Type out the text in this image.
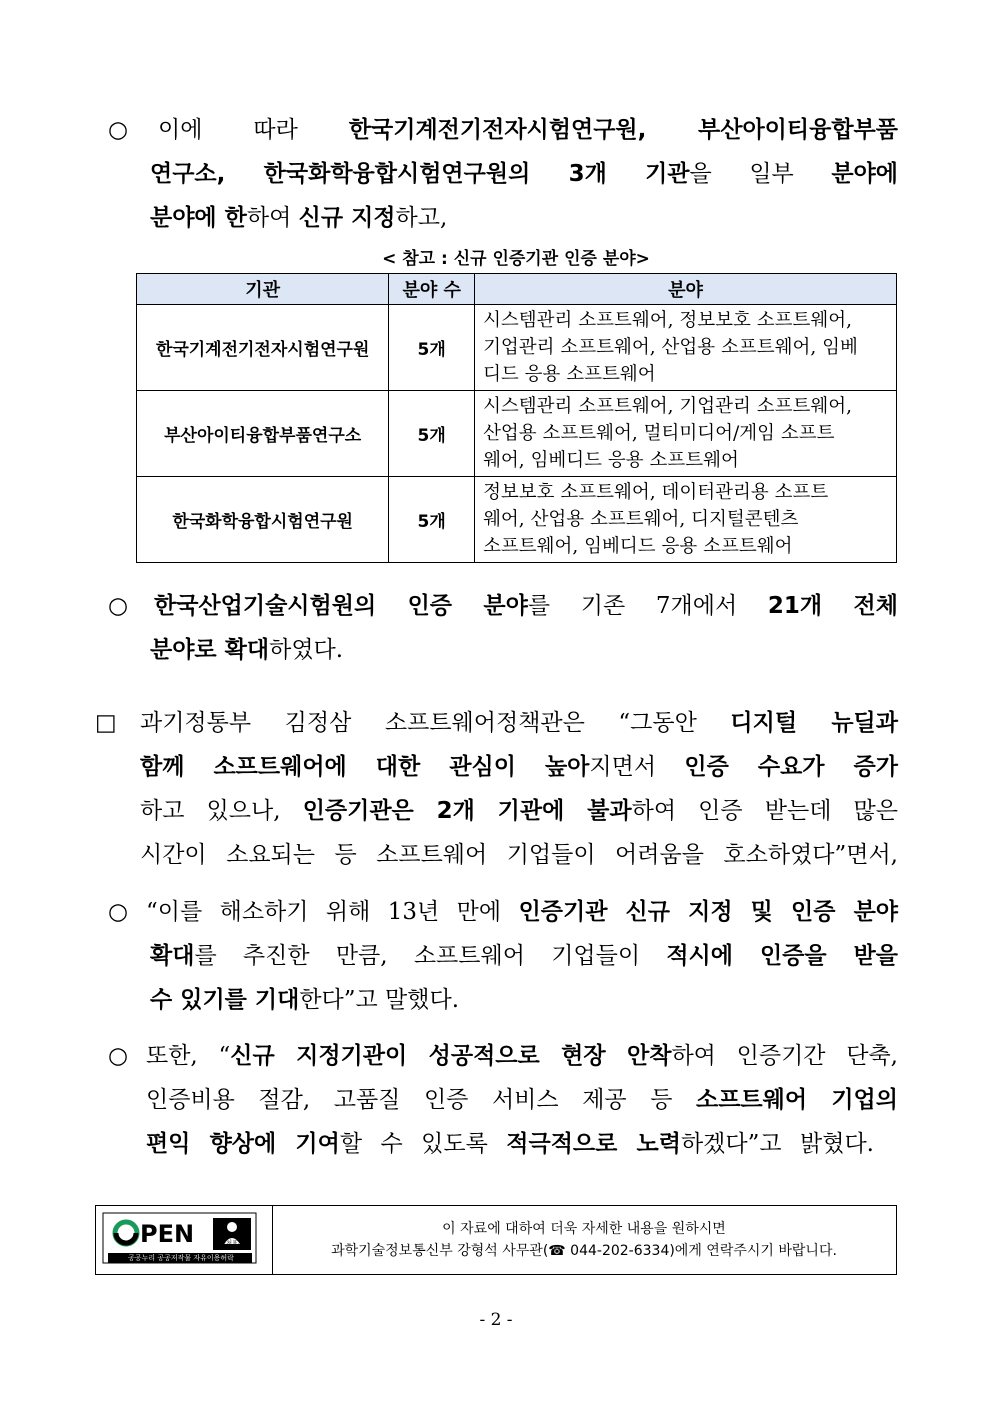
○	이에 따라 한국기계전기전자시험연구원, 부산아이티융합부품
연구소, 한국화학융합시험연구원의 3개 기관을 일부 분야에
분야에 한하여 신규 지정하고,
< 참고 : 신규 인증기관 인증 분야>
기관	분야 수	분야
한국기계전기전자시험연구원	5개	시스템관리 소프트웨어, 정보보호 소프트웨어,
기업관리 소프트웨어, 산업용 소프트웨어, 임베
디드 응용 소프트웨어

부산아이티융합부품연구소	5개	시스템관리 소프트웨어, 기업관리 소프트웨어,
산업용 소프트웨어, 멀티미디어/게임 소프트
웨어, 임베디드 응용 소프트웨어

한국화학융합시험연구원	5개	정보보호 소프트웨어, 데이터관리용 소프트
웨어, 산업용 소프트웨어, 디지털콘텐츠
소프트웨어, 임베디드 응용 소프트웨어
○	한국산업기술시험원의 인증 분야를 기존 7개에서 21개 전체
분야로 확대하였다.
□	과기정통부 김정삼 소프트웨어정책관은 “그동안 디지털 뉴딜과
함께 소프트웨어에 대한 관심이 높아지면서 인증 수요가 증가
하고 있으나, 인증기관은 2개 기관에 불과하여 인증 받는데 많은
시간이 소요되는 등 소프트웨어 기업들이 어려움을 호소하였다”면서,
○ “이를 해소하기 위해 13년 만에 인증기관 신규 지정 및 인증 분야
확대를 추진한 만큼, 소프트웨어 기업들이 적시에 인증을 받을
수 있기를 기대한다”고 말했다.
○ 또한, “신규 지정기관이 성공적으로 현장 안착하여 인증기간 단축,
인증비용 절감, 고품질 인증 서비스 제공 등 소프트웨어 기업의
편익 향상에 기여할 수 있도록 적극적으로 노력하겠다”고 밝혔다.
PEN
공공누리 공공저작물 자유이용허락
출처표시
이 자료에 대하여 더욱 자세한 내용을 원하시면
과학기술정보통신부 강형석 사무관(☎ 044-202-6334)에게 연락주시기 바랍니다.
- 2 -
